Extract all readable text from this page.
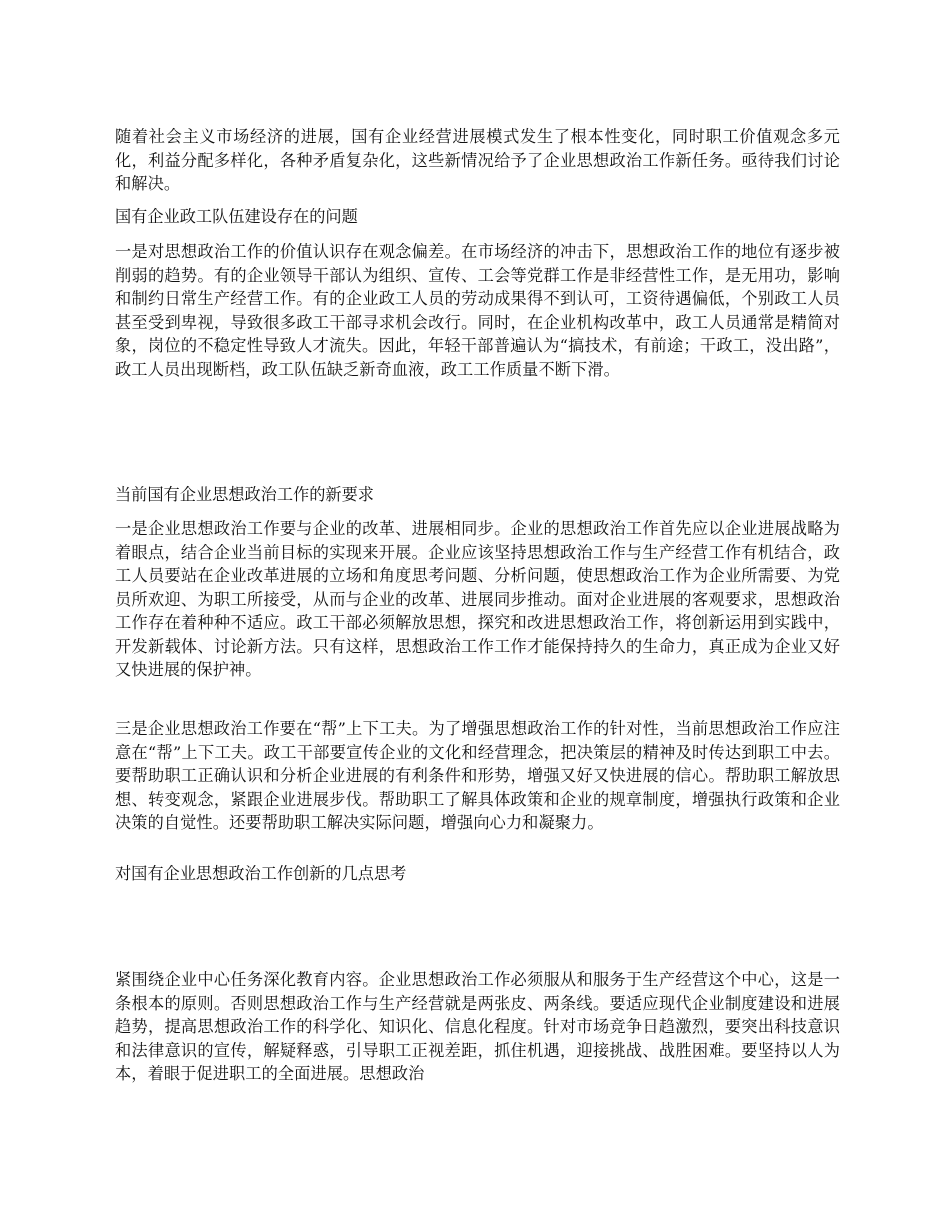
随着社会主义市场经济的进展，国有企业经营进展模式发生了根本性变化，同时职工价值观念多元化，利益分配多样化，各种矛盾复杂化，这些新情况给予了企业思想政治工作新任务。亟待我们讨论和解决。

国有企业政工队伍建设存在的问题

一是对思想政治工作的价值认识存在观念偏差。在市场经济的冲击下，思想政治工作的地位有逐步被削弱的趋势。有的企业领导干部认为组织、宣传、工会等党群工作是非经营性工作，是无用功，影响和制约日常生产经营工作。有的企业政工人员的劳动成果得不到认可，工资待遇偏低，个别政工人员甚至受到卑视，导致很多政工干部寻求机会改行。同时，在企业机构改革中，政工人员通常是精简对象，岗位的不稳定性导致人才流失。因此，年轻干部普遍认为“搞技术，有前途；干政工，没出路”，政工人员出现断档，政工队伍缺乏新奇血液，政工工作质量不断下滑。

当前国有企业思想政治工作的新要求

一是企业思想政治工作要与企业的改革、进展相同步。企业的思想政治工作首先应以企业进展战略为着眼点，结合企业当前目标的实现来开展。企业应该坚持思想政治工作与生产经营工作有机结合，政工人员要站在企业改革进展的立场和角度思考问题、分析问题，使思想政治工作为企业所需要、为党员所欢迎、为职工所接受，从而与企业的改革、进展同步推动。面对企业进展的客观要求，思想政治工作存在着种种不适应。政工干部必须解放思想，探究和改进思想政治工作，将创新运用到实践中，开发新载体、讨论新方法。只有这样，思想政治工作工作才能保持持久的生命力，真正成为企业又好又快进展的保护神。

三是企业思想政治工作要在“帮”上下工夫。为了增强思想政治工作的针对性，当前思想政治工作应注意在“帮”上下工夫。政工干部要宣传企业的文化和经营理念，把决策层的精神及时传达到职工中去。要帮助职工正确认识和分析企业进展的有利条件和形势，增强又好又快进展的信心。帮助职工解放思想、转变观念，紧跟企业进展步伐。帮助职工了解具体政策和企业的规章制度，增强执行政策和企业决策的自觉性。还要帮助职工解决实际问题，增强向心力和凝聚力。

对国有企业思想政治工作创新的几点思考

紧围绕企业中心任务深化教育内容。企业思想政治工作必须服从和服务于生产经营这个中心，这是一条根本的原则。否则思想政治工作与生产经营就是两张皮、两条线。要适应现代企业制度建设和进展趋势，提高思想政治工作的科学化、知识化、信息化程度。针对市场竞争日趋激烈，要突出科技意识和法律意识的宣传，解疑释惑，引导职工正视差距，抓住机遇，迎接挑战、战胜困难。要坚持以人为本，着眼于促进职工的全面进展。思想政治
